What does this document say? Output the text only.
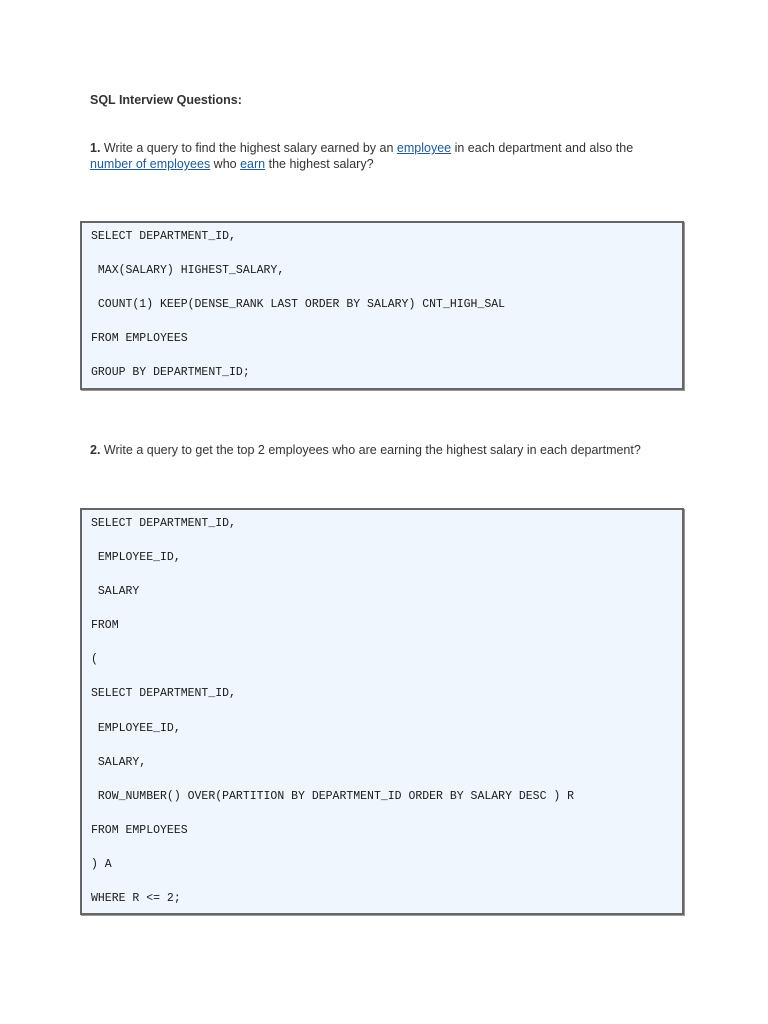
SQL Interview Questions:

1. Write a query to find the highest salary earned by an employee in each department and also the
number of employees who earn the highest salary?

SELECT DEPARTMENT_ID,
MAX(SALARY) HIGHEST_SALARY,
COUNT(1) KEEP(DENSE_RANK LAST ORDER BY SALARY) CNT_HIGH_SAL
FROM EMPLOYEES
GROUP BY DEPARTMENT_ID;

2. Write a query to get the top 2 employees who are earning the highest salary in each department?

SELECT DEPARTMENT_ID,
EMPLOYEE_ID,
SALARY
FROM
(
SELECT DEPARTMENT_ID,
EMPLOYEE_ID,
SALARY,
ROW_NUMBER() OVER(PARTITION BY DEPARTMENT_ID ORDER BY SALARY DESC ) R
FROM EMPLOYEES
) A
WHERE R <= 2;
